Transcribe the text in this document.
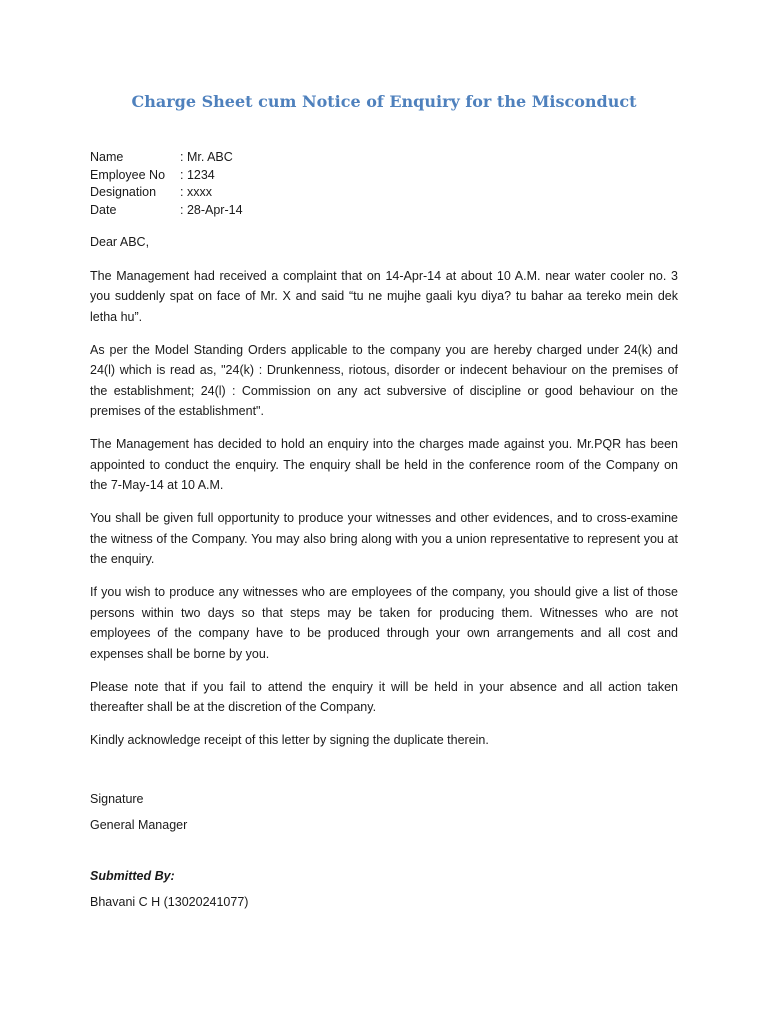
Charge Sheet cum Notice of Enquiry for the Misconduct
Name	: Mr. ABC
Employee No	: 1234
Designation	: xxxx
Date	: 28-Apr-14

Dear ABC,

The Management had received a complaint that on 14-Apr-14 at about 10 A.M. near water cooler no. 3 you suddenly spat on face of Mr. X and said “tu ne mujhe gaali kyu diya? tu bahar aa tereko mein dek letha hu”.

As per the Model Standing Orders applicable to the company you are hereby charged under 24(k) and 24(l) which is read as, "24(k) : Drunkenness, riotous, disorder or indecent behaviour on the premises of the establishment; 24(l) : Commission on any act subversive of discipline or good behaviour on the premises of the establishment".

The Management has decided to hold an enquiry into the charges made against you. Mr.PQR has been appointed to conduct the enquiry. The enquiry shall be held in the conference room of the Company on the 7-May-14 at 10 A.M.

You shall be given full opportunity to produce your witnesses and other evidences, and to cross-examine the witness of the Company. You may also bring along with you a union representative to represent you at the enquiry.

If you wish to produce any witnesses who are employees of the company, you should give a list of those persons within two days so that steps may be taken for producing them. Witnesses who are not employees of the company have to be produced through your own arrangements and all cost and expenses shall be borne by you.

Please note that if you fail to attend the enquiry it will be held in your absence and all action taken thereafter shall be at the discretion of the Company.

Kindly acknowledge receipt of this letter by signing the duplicate therein.

Signature
General Manager
Submitted By:
Bhavani C H (13020241077)
